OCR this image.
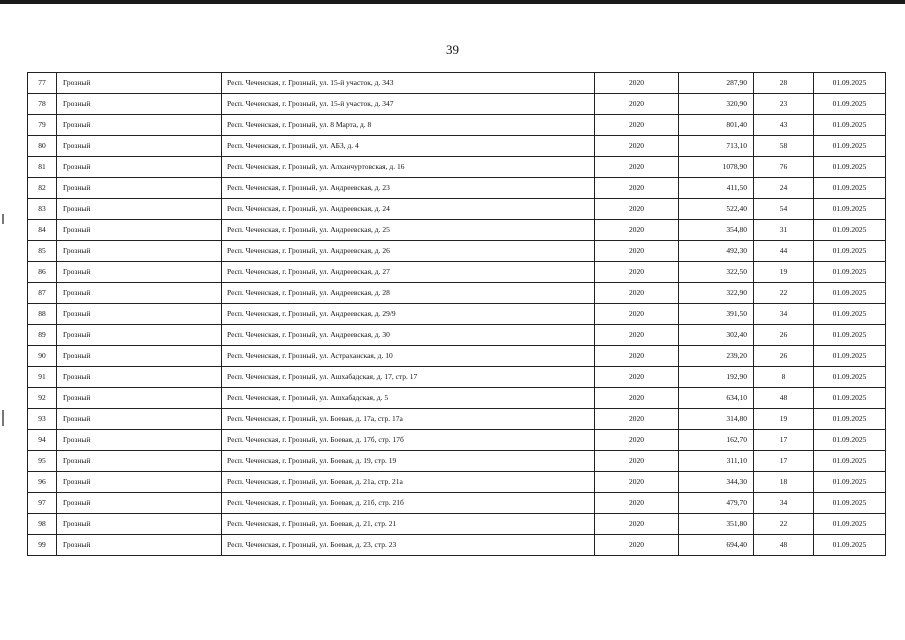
39
77	Грозный	Респ. Чеченская, г. Грозный, ул. 15-й участок, д. 343	2020	287,90	28	01.09.2025
78	Грозный	Респ. Чеченская, г. Грозный, ул. 15-й участок, д. 347	2020	320,90	23	01.09.2025
79	Грозный	Респ. Чеченская, г. Грозный, ул. 8 Марта, д. 8	2020	801,40	43	01.09.2025
80	Грозный	Респ. Чеченская, г. Грозный, ул. АБЗ, д. 4	2020	713,10	58	01.09.2025
81	Грозный	Респ. Чеченская, г. Грозный, ул. Алханчуртовская, д. 16	2020	1078,90	76	01.09.2025
82	Грозный	Респ. Чеченская, г. Грозный, ул. Андреевская, д. 23	2020	411,50	24	01.09.2025
83	Грозный	Респ. Чеченская, г. Грозный, ул. Андреевская, д. 24	2020	522,40	54	01.09.2025
84	Грозный	Респ. Чеченская, г. Грозный, ул. Андреевская, д. 25	2020	354,80	31	01.09.2025
85	Грозный	Респ. Чеченская, г. Грозный, ул. Андреевская, д. 26	2020	492,30	44	01.09.2025
86	Грозный	Респ. Чеченская, г. Грозный, ул. Андреевская, д. 27	2020	322,50	19	01.09.2025
87	Грозный	Респ. Чеченская, г. Грозный, ул. Андреевская, д. 28	2020	322,90	22	01.09.2025
88	Грозный	Респ. Чеченская, г. Грозный, ул. Андреевская, д. 29/9	2020	391,50	34	01.09.2025
89	Грозный	Респ. Чеченская, г. Грозный, ул. Андреевская, д. 30	2020	302,40	26	01.09.2025
90	Грозный	Респ. Чеченская, г. Грозный, ул. Астраханская, д. 10	2020	239,20	26	01.09.2025
91	Грозный	Респ. Чеченская, г. Грозный, ул. Ашхабадская, д. 17, стр. 17	2020	192,90	8	01.09.2025
92	Грозный	Респ. Чеченская, г. Грозный, ул. Ашхабадская, д. 5	2020	634,10	48	01.09.2025
93	Грозный	Респ. Чеченская, г. Грозный, ул. Боевая, д. 17а, стр. 17а	2020	314,80	19	01.09.2025
94	Грозный	Респ. Чеченская, г. Грозный, ул. Боевая, д. 17б, стр. 17б	2020	162,70	17	01.09.2025
95	Грозный	Респ. Чеченская, г. Грозный, ул. Боевая, д. 19, стр. 19	2020	311,10	17	01.09.2025
96	Грозный	Респ. Чеченская, г. Грозный, ул. Боевая, д. 21а, стр. 21а	2020	344,30	18	01.09.2025
97	Грозный	Респ. Чеченская, г. Грозный, ул. Боевая, д. 21б, стр. 21б	2020	479,70	34	01.09.2025
98	Грозный	Респ. Чеченская, г. Грозный, ул. Боевая, д. 21, стр. 21	2020	351,80	22	01.09.2025
99	Грозный	Респ. Чеченская, г. Грозный, ул. Боевая, д. 23, стр. 23	2020	694,40	48	01.09.2025
